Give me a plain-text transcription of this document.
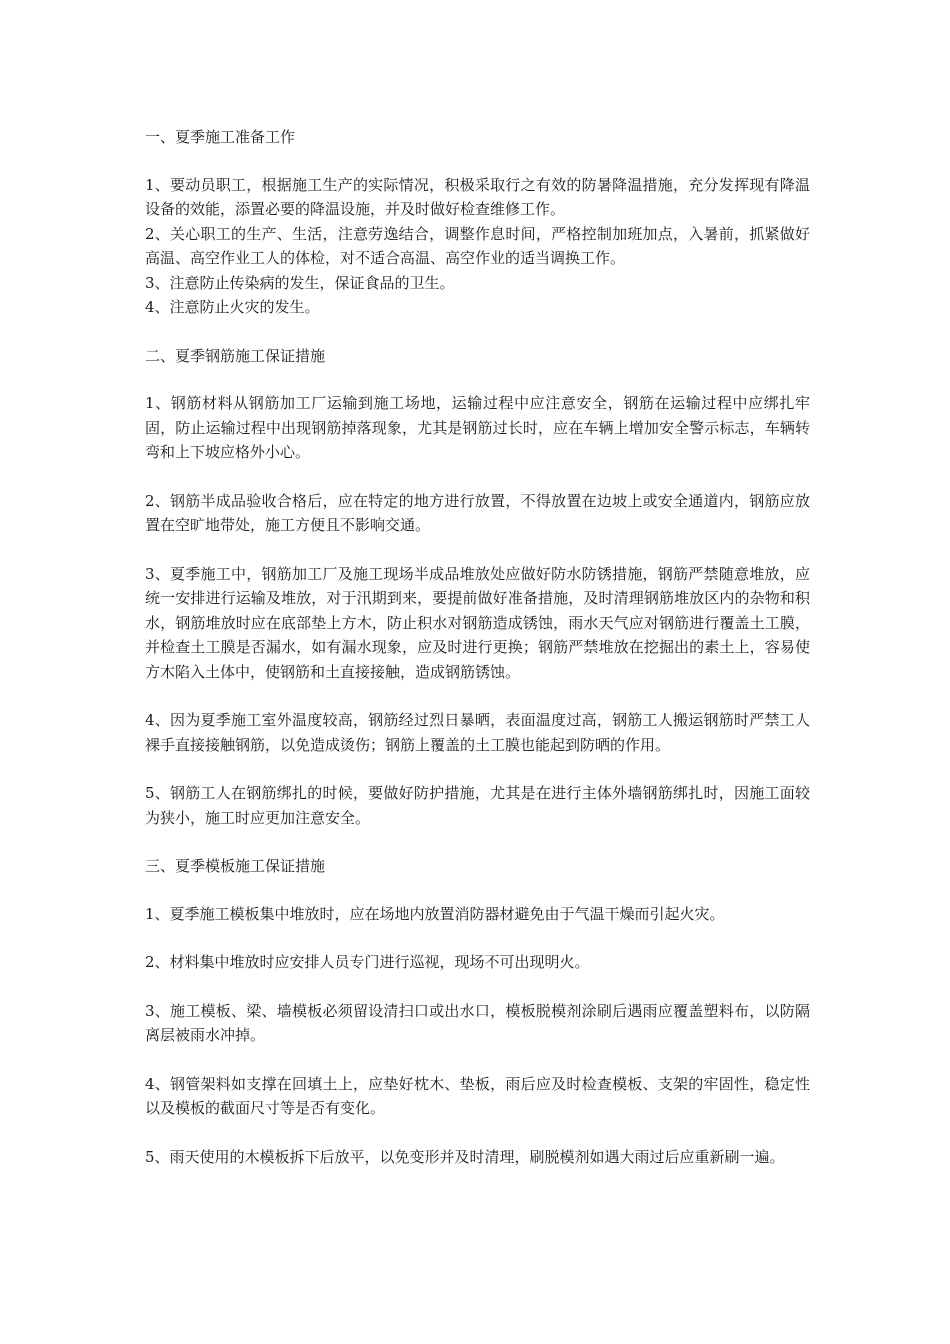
一、夏季施工准备工作

1、要动员职工，根据施工生产的实际情况，积极采取行之有效的防暑降温措施，充分发挥现有降温设备的效能，添置必要的降温设施，并及时做好检查维修工作。

2、关心职工的生产、生活，注意劳逸结合，调整作息时间，严格控制加班加点，入暑前，抓紧做好高温、高空作业工人的体检，对不适合高温、高空作业的适当调换工作。

3、注意防止传染病的发生，保证食品的卫生。

4、注意防止火灾的发生。

二、夏季钢筋施工保证措施

1、钢筋材料从钢筋加工厂运输到施工场地，运输过程中应注意安全，钢筋在运输过程中应绑扎牢固，防止运输过程中出现钢筋掉落现象，尤其是钢筋过长时，应在车辆上增加安全警示标志，车辆转弯和上下坡应格外小心。

2、钢筋半成品验收合格后，应在特定的地方进行放置，不得放置在边坡上或安全通道内，钢筋应放置在空旷地带处，施工方便且不影响交通。

3、夏季施工中，钢筋加工厂及施工现场半成品堆放处应做好防水防锈措施，钢筋严禁随意堆放，应统一安排进行运输及堆放，对于汛期到来，要提前做好准备措施，及时清理钢筋堆放区内的杂物和积水，钢筋堆放时应在底部垫上方木，防止积水对钢筋造成锈蚀，雨水天气应对钢筋进行覆盖土工膜，并检查土工膜是否漏水，如有漏水现象，应及时进行更换；钢筋严禁堆放在挖掘出的素土上，容易使方木陷入土体中，使钢筋和土直接接触，造成钢筋锈蚀。

4、因为夏季施工室外温度较高，钢筋经过烈日暴晒，表面温度过高，钢筋工人搬运钢筋时严禁工人裸手直接接触钢筋，以免造成烫伤；钢筋上覆盖的土工膜也能起到防晒的作用。

5、钢筋工人在钢筋绑扎的时候，要做好防护措施，尤其是在进行主体外墙钢筋绑扎时，因施工面较为狭小，施工时应更加注意安全。

三、夏季模板施工保证措施

1、夏季施工模板集中堆放时，应在场地内放置消防器材避免由于气温干燥而引起火灾。

2、材料集中堆放时应安排人员专门进行巡视，现场不可出现明火。

3、施工模板、梁、墙模板必须留设清扫口或出水口，模板脱模剂涂刷后遇雨应覆盖塑料布，以防隔离层被雨水冲掉。

4、钢管架料如支撑在回填土上，应垫好枕木、垫板，雨后应及时检查模板、支架的牢固性，稳定性以及模板的截面尺寸等是否有变化。

5、雨天使用的木模板拆下后放平，以免变形并及时清理，刷脱模剂如遇大雨过后应重新刷一遍。
